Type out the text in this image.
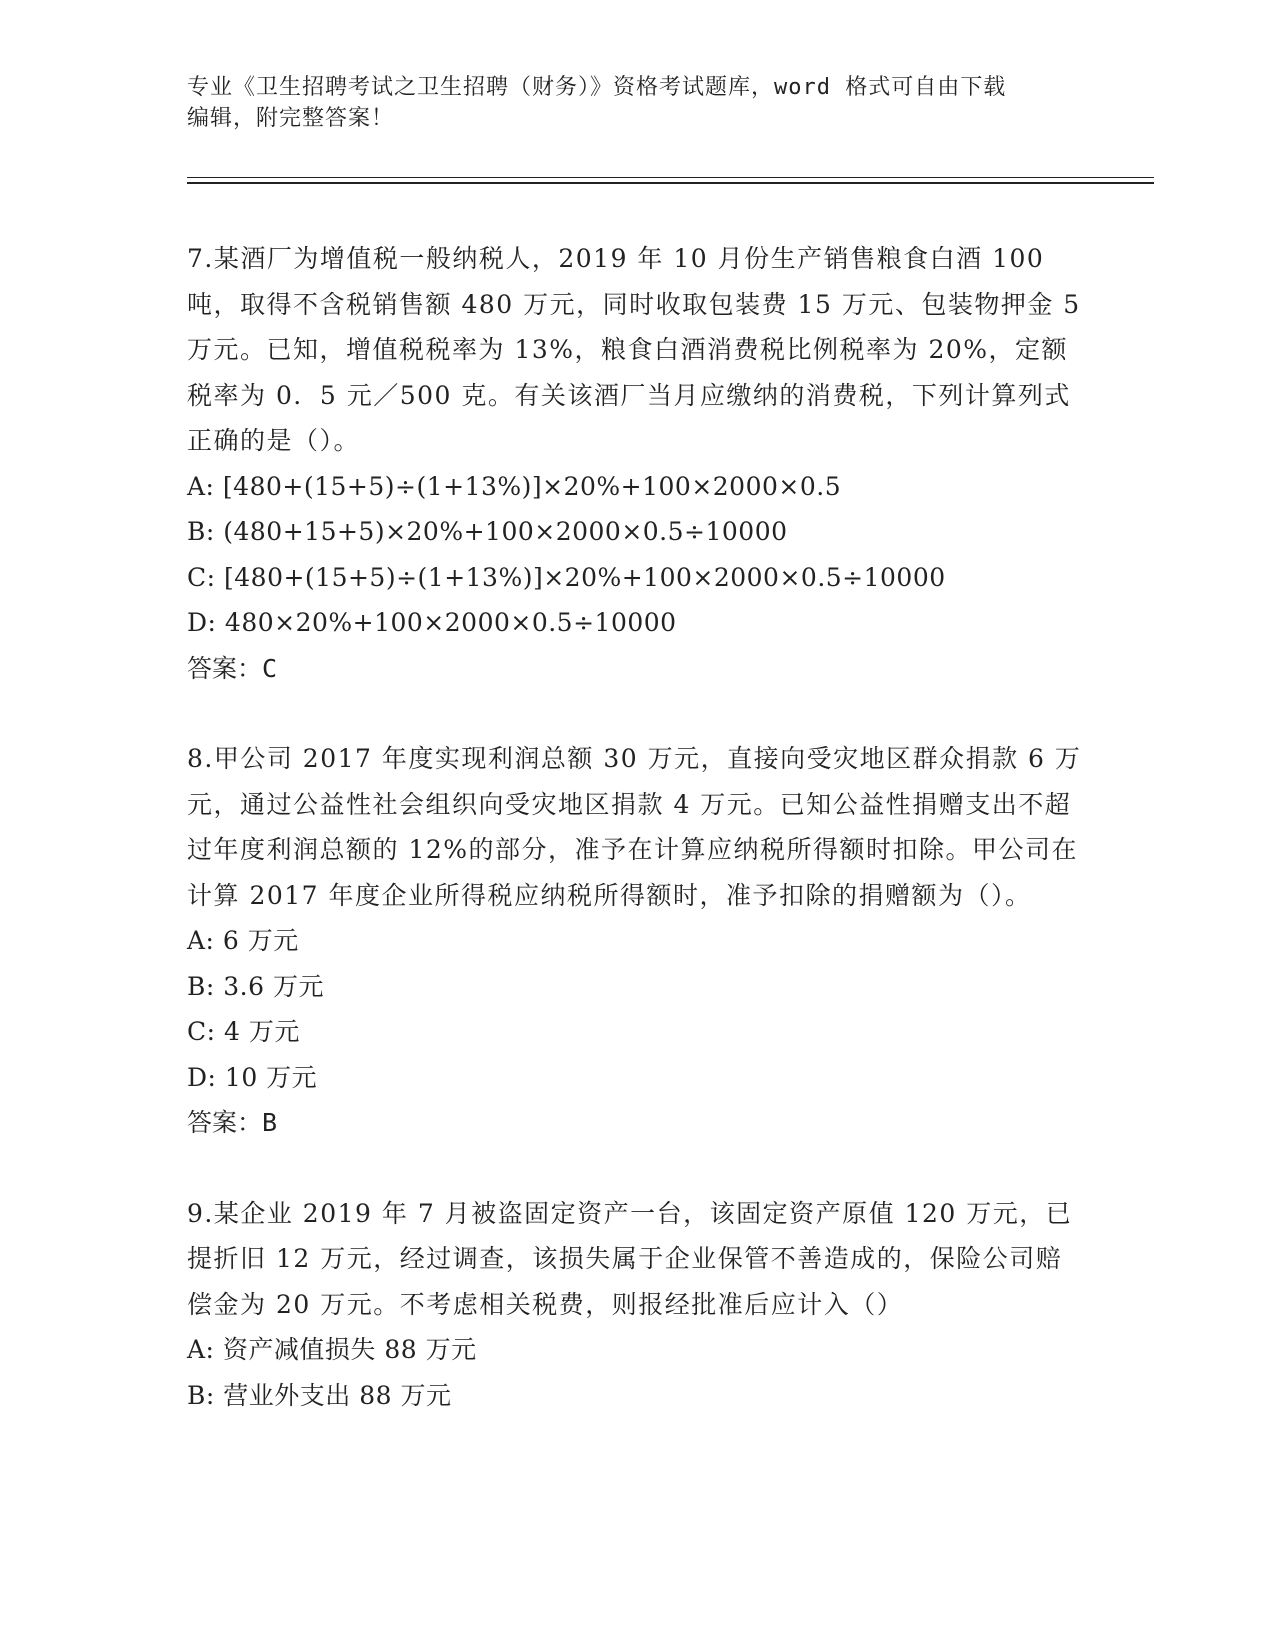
专业《卫生招聘考试之卫生招聘（财务）》资格考试题库，word 格式可自由下载
编辑，附完整答案！

7.某酒厂为增值税一般纳税人，2019 年 10 月份生产销售粮食白酒 100 吨，取得不含税销售额 480 万元，同时收取包装费 15 万元、包装物押金 5 万元。已知，增值税税率为 13%，粮食白酒消费税比例税率为 20%，定额税率为 0．5 元／500 克。有关该酒厂当月应缴纳的消费税，下列计算列式正确的是（）。

A: [480+(15+5)÷(1+13%)]×20%+100×2000×0.5

B: (480+15+5)×20%+100×2000×0.5÷10000

C: [480+(15+5)÷(1+13%)]×20%+100×2000×0.5÷10000

D: 480×20%+100×2000×0.5÷10000

答案：C

8.甲公司 2017 年度实现利润总额 30 万元，直接向受灾地区群众捐款 6 万元，通过公益性社会组织向受灾地区捐款 4 万元。已知公益性捐赠支出不超过年度利润总额的 12%的部分，准予在计算应纳税所得额时扣除。甲公司在计算 2017 年度企业所得税应纳税所得额时，准予扣除的捐赠额为（）。

A: 6 万元

B: 3.6 万元

C: 4 万元

D: 10 万元

答案：B

9.某企业 2019 年 7 月被盗固定资产一台，该固定资产原值 120 万元，已提折旧 12 万元，经过调查，该损失属于企业保管不善造成的，保险公司赔偿金为 20 万元。不考虑相关税费，则报经批准后应计入（）

A: 资产减值损失 88 万元

B: 营业外支出 88 万元
